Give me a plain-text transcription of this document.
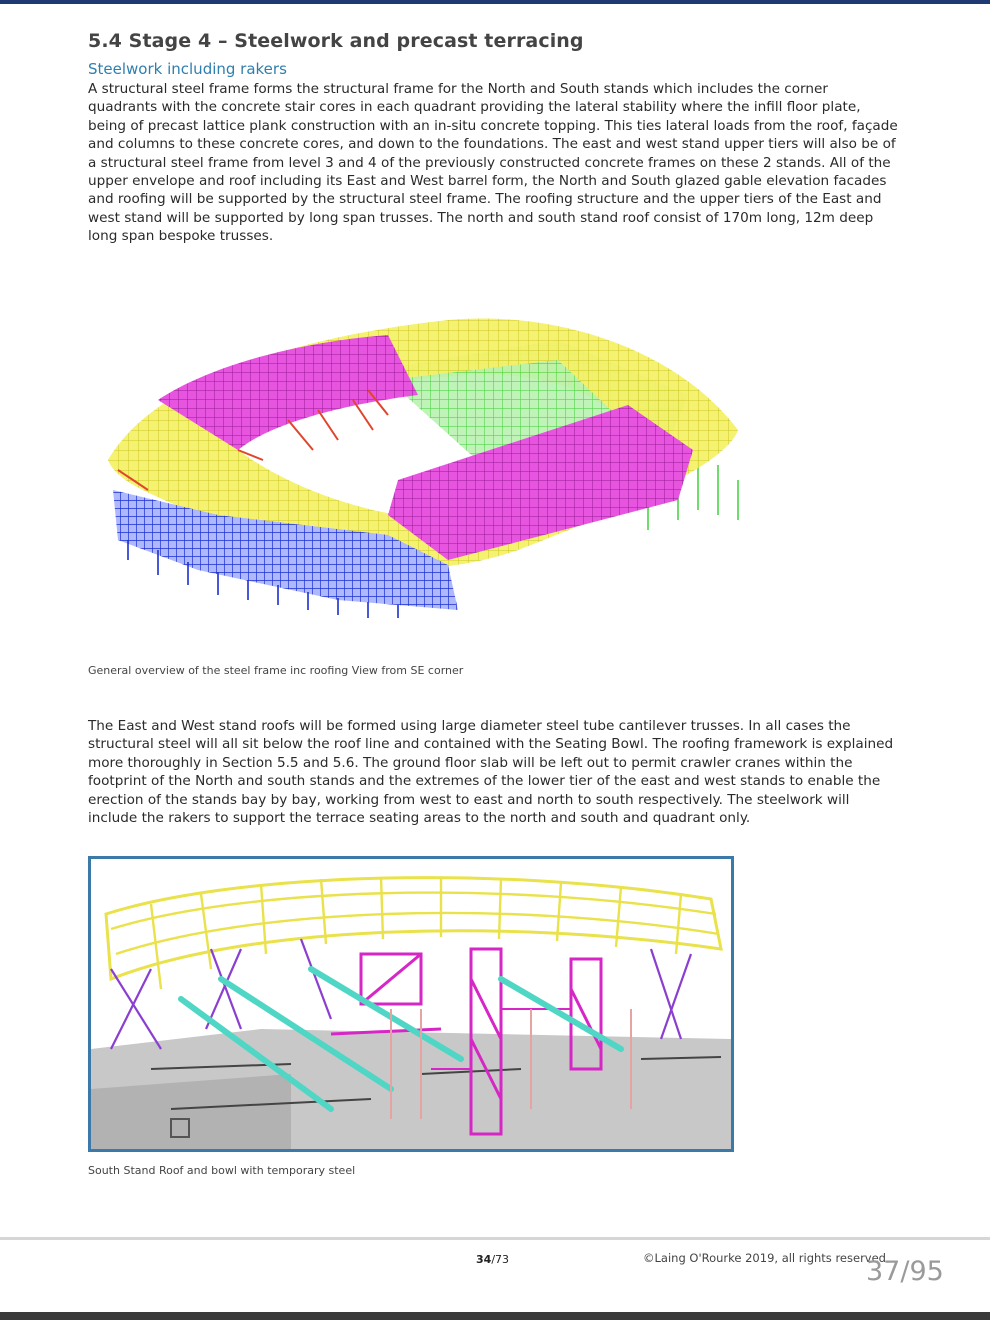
5.4 Stage 4 – Steelwork and precast terracing
Steelwork including rakers

A structural steel frame forms the structural frame for the North and South stands which includes the corner quadrants with the concrete stair cores in each quadrant providing the lateral stability where the infill floor plate, being of precast lattice plank construction with an in-situ concrete topping. This ties lateral loads from the roof, façade and columns to these concrete cores, and down to the foundations. The east and west stand upper tiers will also be of a structural steel frame from level 3 and 4 of the previously constructed concrete frames on these 2 stands. All of the upper envelope and roof including its East and West barrel form, the North and South glazed gable elevation facades and roofing will be supported by the structural steel frame. The roofing structure and the upper tiers of the East and west stand will be supported by long span trusses. The north and south stand roof consist of 170m long, 12m deep long span bespoke trusses.

General overview of the steel frame inc roofing View from SE corner

The East and West stand roofs will be formed using large diameter steel tube cantilever trusses. In all cases the structural steel will all sit below the roof line and contained with the Seating Bowl. The roofing framework is explained more thoroughly in Section 5.5 and 5.6. The ground floor slab will be left out to permit crawler cranes within the footprint of the North and south stands and the extremes of the lower tier of the east and west stands to enable the erection of the stands bay by bay, working from west to east and north to south respectively. The steelwork will include the rakers to support the terrace seating areas to the north and south and quadrant only.

South Stand Roof and bowl with temporary steel
34/73	©Laing O'Rourke 2019, all rights reserved
37/95
